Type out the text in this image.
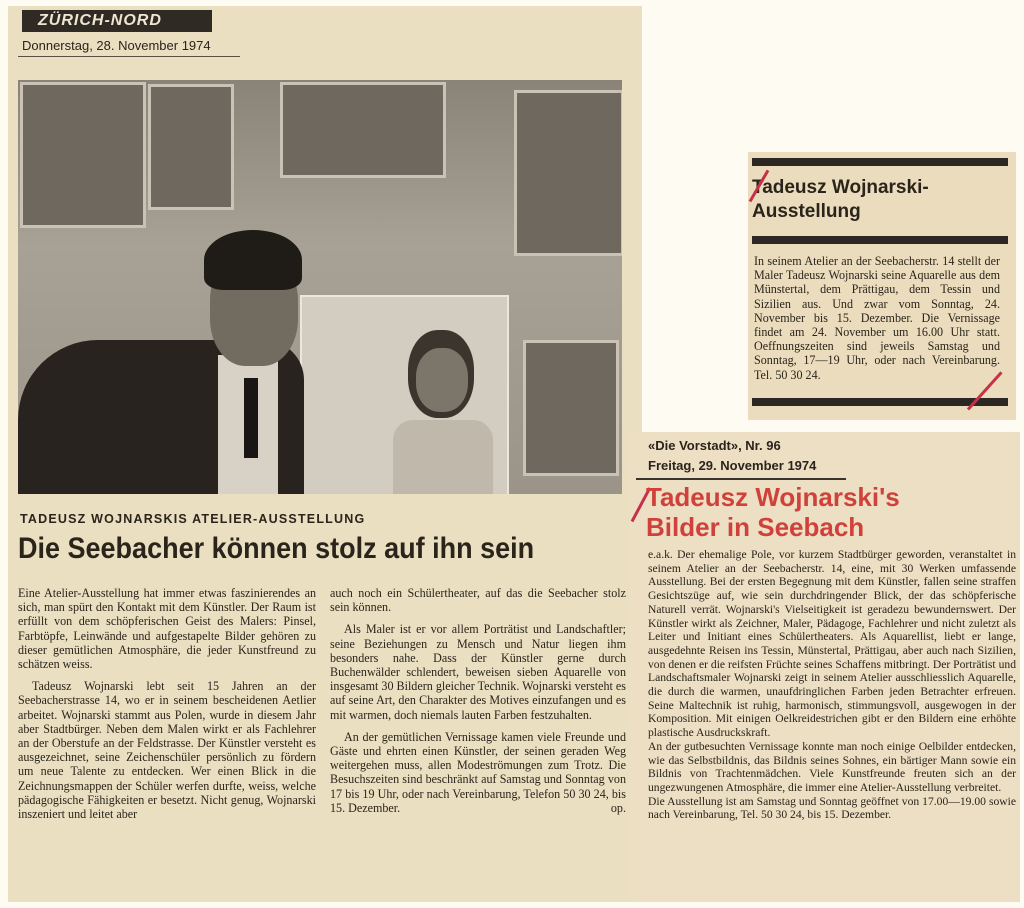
ZÜRICH-NORD
Donnerstag, 28. November 1974
TADEUSZ WOJNARSKIS ATELIER-AUSSTELLUNG
Die Seebacher können stolz auf ihn sein

Eine Atelier-Ausstellung hat immer etwas faszinierendes an sich, man spürt den Kontakt mit dem Künstler. Der Raum ist erfüllt von dem schöpferischen Geist des Malers: Pinsel, Farbtöpfe, Leinwände und aufgestapelte Bilder gehören zu dieser gemütlichen Atmosphäre, die jeder Kunstfreund zu schätzen weiss.

Tadeusz Wojnarski lebt seit 15 Jahren an der Seebacherstrasse 14, wo er in seinem bescheidenen Aetlier arbeitet. Wojnarski stammt aus Polen, wurde in diesem Jahr aber Stadtbürger. Neben dem Malen wirkt er als Fachlehrer an der Oberstufe an der Feldstrasse. Der Künstler versteht es ausgezeichnet, seine Zeichenschüler persönlich zu fördern um neue Talente zu entdecken. Wer einen Blick in die Zeichnungsmappen der Schüler werfen durfte, weiss, welche pädagogische Fähigkeiten er besetzt. Nicht genug, Wojnarski inszeniert und leitet aber

auch noch ein Schülertheater, auf das die Seebacher stolz sein können.

Als Maler ist er vor allem Porträtist und Landschaftler; seine Beziehungen zu Mensch und Natur liegen ihm besonders nahe. Dass der Künstler gerne durch Buchenwälder schlendert, beweisen sieben Aquarelle von insgesamt 30 Bildern gleicher Technik. Wojnarski versteht es auf seine Art, den Charakter des Motives einzufangen und es mit warmen, doch niemals lauten Farben festzuhalten.

An der gemütlichen Vernissage kamen viele Freunde und Gäste und ehrten einen Künstler, der seinen geraden Weg weitergehen muss, allen Modeströmungen zum Trotz. Die Besuchszeiten sind beschränkt auf Samstag und Sonntag von 17 bis 19 Uhr, oder nach Vereinbarung, Telefon 50 30 24, bis 15. Dezember.	op.

Tadeusz Wojnarski-Ausstellung

In seinem Atelier an der Seebacherstr. 14 stellt der Maler Tadeusz Wojnarski seine Aquarelle aus dem Münstertal, dem Prättigau, dem Tessin und Sizilien aus. Und zwar vom Sonntag, 24. November bis 15. Dezember. Die Vernissage findet am 24. November um 16.00 Uhr statt. Oeffnungszeiten sind jeweils Samstag und Sonntag, 17—19 Uhr, oder nach Vereinbarung. Tel. 50 30 24.

«Die Vorstadt», Nr. 96
Freitag, 29. November 1974
Tadeusz Wojnarski's
Bilder in Seebach

e.a.k. Der ehemalige Pole, vor kurzem Stadtbürger geworden, veranstaltet in seinem Atelier an der Seebacherstr. 14, eine, mit 30 Werken umfassende Ausstellung. Bei der ersten Begegnung mit dem Künstler, fallen seine straffen Gesichtszüge auf, wie sein durchdringender Blick, der das schöpferische Naturell verrät. Wojnarski's Vielseitigkeit ist geradezu bewundernswert. Der Künstler wirkt als Zeichner, Maler, Pädagoge, Fachlehrer und nicht zuletzt als Leiter und Initiant eines Schülertheaters. Als Aquarellist, liebt er lange, ausgedehnte Reisen ins Tessin, Münstertal, Prättigau, aber auch nach Sizilien, von denen er die reifsten Früchte seines Schaffens mitbringt. Der Porträtist und Landschaftsmaler Wojnarski zeigt in seinem Atelier ausschliesslich Aquarelle, die durch die warmen, unaufdringlichen Farben jeden Betrachter erfreuen. Seine Maltechnik ist ruhig, harmonisch, stimmungsvoll, ausgewogen in der Komposition. Mit einigen Oelkreidestrichen gibt er den Bildern eine erhöhte plastische Ausdruckskraft.

An der gutbesuchten Vernissage konnte man noch einige Oelbilder entdecken, wie das Selbstbildnis, das Bildnis seines Sohnes, ein bärtiger Mann sowie ein Bildnis von Trachtenmädchen. Viele Kunstfreunde freuten sich an der ungezwungenen Atmosphäre, die immer eine Atelier-Ausstellung verbreitet.

Die Ausstellung ist am Samstag und Sonntag geöffnet von 17.00—19.00 sowie nach Vereinbarung, Tel. 50 30 24, bis 15. Dezember.
